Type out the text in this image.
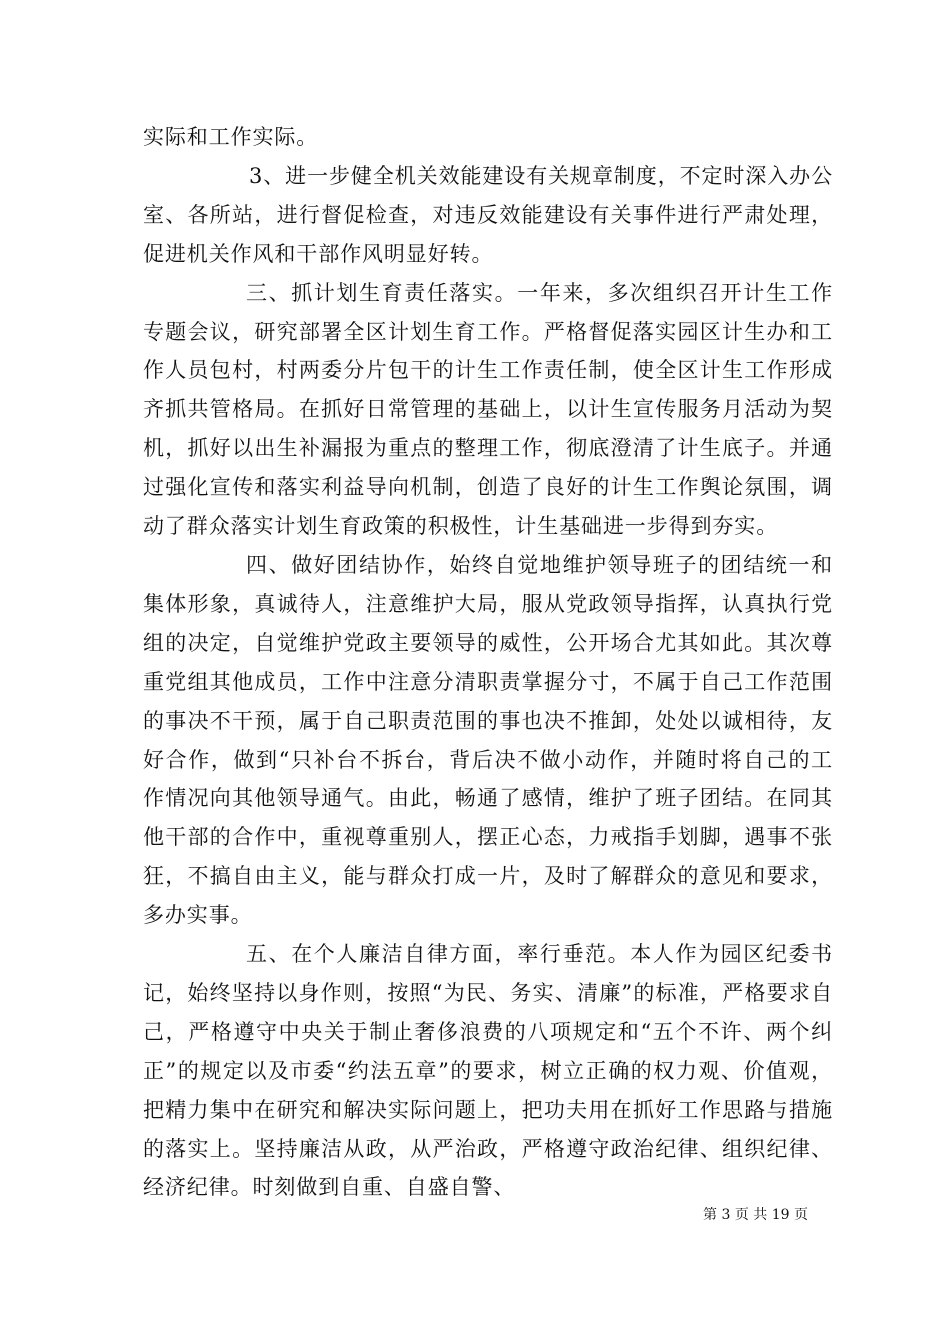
实际和工作实际。

3、进一步健全机关效能建设有关规章制度，不定时深入办公室、各所站，进行督促检查，对违反效能建设有关事件进行严肃处理，促进机关作风和干部作风明显好转。

三、抓计划生育责任落实。一年来，多次组织召开计生工作专题会议，研究部署全区计划生育工作。严格督促落实园区计生办和工作人员包村，村两委分片包干的计生工作责任制，使全区计生工作形成齐抓共管格局。在抓好日常管理的基础上，以计生宣传服务月活动为契机，抓好以出生补漏报为重点的整理工作，彻底澄清了计生底子。并通过强化宣传和落实利益导向机制，创造了良好的计生工作舆论氛围，调动了群众落实计划生育政策的积极性，计生基础进一步得到夯实。

四、做好团结协作，始终自觉地维护领导班子的团结统一和集体形象，真诚待人，注意维护大局，服从党政领导指挥，认真执行党组的决定，自觉维护党政主要领导的威性，公开场合尤其如此。其次尊重党组其他成员，工作中注意分清职责掌握分寸，不属于自己工作范围的事决不干预，属于自己职责范围的事也决不推卸，处处以诚相待，友好合作，做到“只补台不拆台，背后决不做小动作，并随时将自己的工作情况向其他领导通气。由此，畅通了感情，维护了班子团结。在同其他干部的合作中，重视尊重别人，摆正心态，力戒指手划脚，遇事不张狂，不搞自由主义，能与群众打成一片，及时了解群众的意见和要求，多办实事。

五、在个人廉洁自律方面，率行垂范。本人作为园区纪委书记，始终坚持以身作则，按照“为民、务实、清廉”的标准，严格要求自己，严格遵守中央关于制止奢侈浪费的八项规定和“五个不许、两个纠正”的规定以及市委“约法五章”的要求，树立正确的权力观、价值观，把精力集中在研究和解决实际问题上，把功夫用在抓好工作思路与措施的落实上。坚持廉洁从政，从严治政，严格遵守政治纪律、组织纪律、经济纪律。时刻做到自重、自盛自警、

第 3 页 共 19 页
